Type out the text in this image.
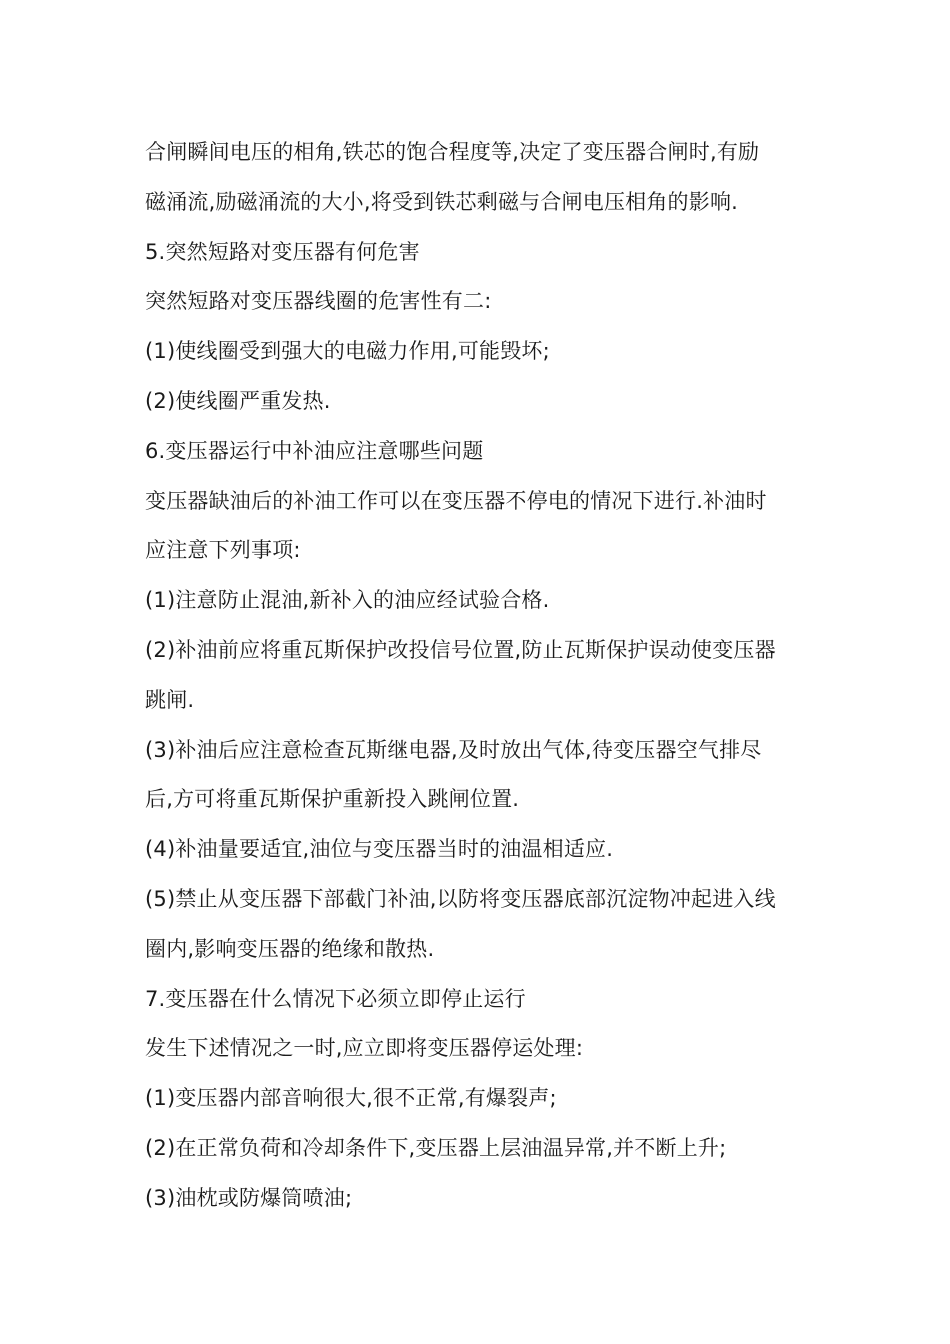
合闸瞬间电压的相角,铁芯的饱合程度等,决定了变压器合闸时,有励
磁涌流,励磁涌流的大小,将受到铁芯剩磁与合闸电压相角的影响.
5.突然短路对变压器有何危害
突然短路对变压器线圈的危害性有二:
(1)使线圈受到强大的电磁力作用,可能毁坏;
(2)使线圈严重发热.
6.变压器运行中补油应注意哪些问题
变压器缺油后的补油工作可以在变压器不停电的情况下进行.补油时
应注意下列事项:
(1)注意防止混油,新补入的油应经试验合格.
(2)补油前应将重瓦斯保护改投信号位置,防止瓦斯保护误动使变压器
跳闸.
(3)补油后应注意检查瓦斯继电器,及时放出气体,待变压器空气排尽
后,方可将重瓦斯保护重新投入跳闸位置.
(4)补油量要适宜,油位与变压器当时的油温相适应.
(5)禁止从变压器下部截门补油,以防将变压器底部沉淀物冲起进入线
圈内,影响变压器的绝缘和散热.
7.变压器在什么情况下必须立即停止运行
发生下述情况之一时,应立即将变压器停运处理:
(1)变压器内部音响很大,很不正常,有爆裂声;
(2)在正常负荷和冷却条件下,变压器上层油温异常,并不断上升;
(3)油枕或防爆筒喷油;
